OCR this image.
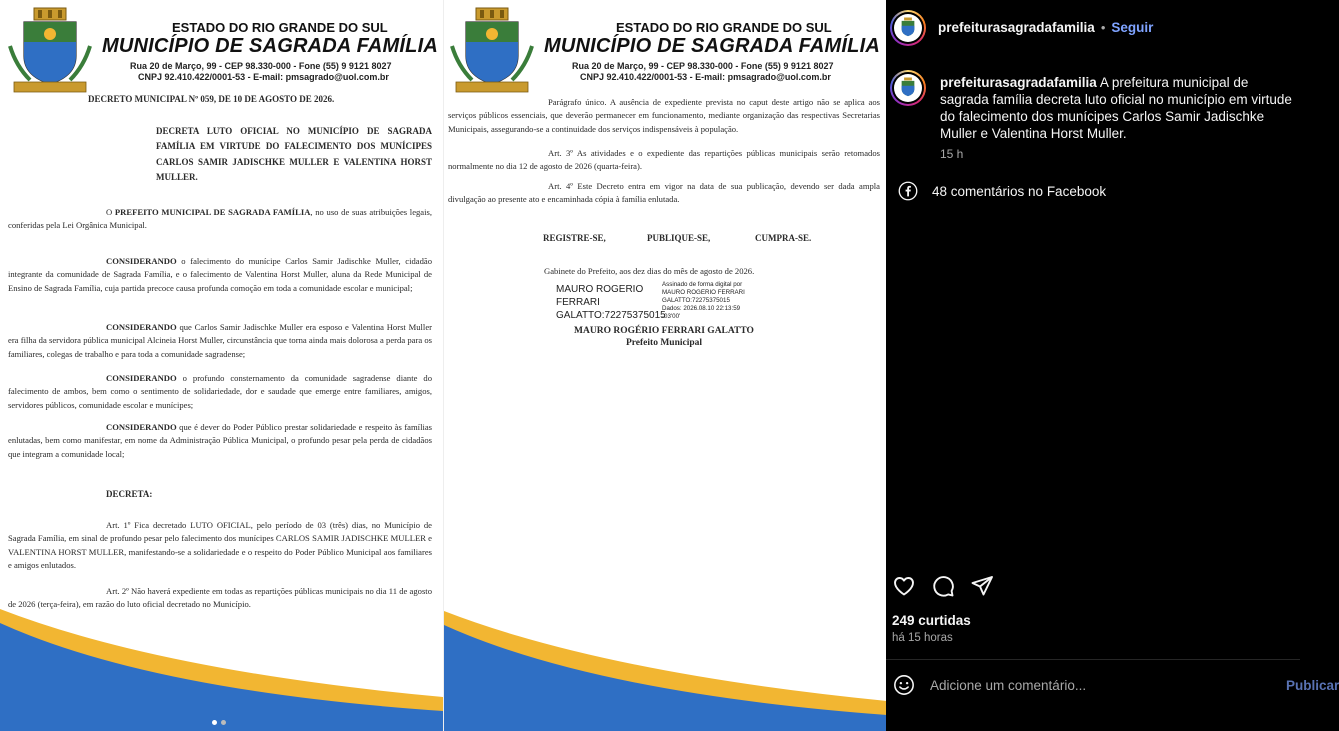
ESTADO DO RIO GRANDE DO SUL
MUNICÍPIO DE SAGRADA FAMÍLIA
Rua 20 de Março, 99 - CEP 98.330-000 - Fone (55) 9 9121 8027
CNPJ 92.410.422/0001-53 - E-mail: pmsagrado@uol.com.br
DECRETO MUNICIPAL Nº 059, DE 10 DE AGOSTO DE 2026.
DECRETA LUTO OFICIAL NO MUNICÍPIO DE SAGRADA FAMÍLIA EM VIRTUDE DO FALECIMENTO DOS MUNÍCIPES CARLOS SAMIR JADISCHKE MULLER E VALENTINA HORST MULLER.
O PREFEITO MUNICIPAL DE SAGRADA FAMÍLIA, no uso de suas atribuições legais, conferidas pela Lei Orgânica Municipal.
CONSIDERANDO o falecimento do munícipe Carlos Samir Jadischke Muller, cidadão integrante da comunidade de Sagrada Família, e o falecimento de Valentina Horst Muller, aluna da Rede Municipal de Ensino de Sagrada Família, cuja partida precoce causa profunda comoção em toda a comunidade escolar e municipal;
CONSIDERANDO que Carlos Samir Jadischke Muller era esposo e Valentina Horst Muller era filha da servidora pública municipal Alcineia Horst Muller, circunstância que torna ainda mais dolorosa a perda para os familiares, colegas de trabalho e para toda a comunidade sagradense;
CONSIDERANDO o profundo consternamento da comunidade sagradense diante do falecimento de ambos, bem como o sentimento de solidariedade, dor e saudade que emerge entre familiares, amigos, servidores públicos, comunidade escolar e munícipes;
CONSIDERANDO que é dever do Poder Público prestar solidariedade e respeito às famílias enlutadas, bem como manifestar, em nome da Administração Pública Municipal, o profundo pesar pela perda de cidadãos que integram a comunidade local;
DECRETA:
Art. 1º Fica decretado LUTO OFICIAL, pelo período de 03 (três) dias, no Município de Sagrada Família, em sinal de profundo pesar pelo falecimento dos munícipes CARLOS SAMIR JADISCHKE MULLER e VALENTINA HORST MULLER, manifestando-se a solidariedade e o respeito do Poder Público Municipal aos familiares e amigos enlutados.
Art. 2º Não haverá expediente em todas as repartições públicas municipais no dia 11 de agosto de 2026 (terça-feira), em razão do luto oficial decretado no Município.
ESTADO DO RIO GRANDE DO SUL
MUNICÍPIO DE SAGRADA FAMÍLIA
Rua 20 de Março, 99 - CEP 98.330-000 - Fone (55) 9 9121 8027
CNPJ 92.410.422/0001-53 - E-mail: pmsagrado@uol.com.br
Parágrafo único. A ausência de expediente prevista no caput deste artigo não se aplica aos serviços públicos essenciais, que deverão permanecer em funcionamento, mediante organização das respectivas Secretarias Municipais, assegurando-se a continuidade dos serviços indispensáveis à população.
Art. 3º As atividades e o expediente das repartições públicas municipais serão retomados normalmente no dia 12 de agosto de 2026 (quarta-feira).
Art. 4º Este Decreto entra em vigor na data de sua publicação, devendo ser dada ampla divulgação ao presente ato e encaminhada cópia à família enlutada.
REGISTRE-SE,	PUBLIQUE-SE,	CUMPRA-SE.
Gabinete do Prefeito, aos dez dias do mês de agosto de 2026.
MAURO ROGERIO
FERRARI
GALATTO:72275375015
Assinado de forma digital por
MAURO ROGERIO FERRARI
GALATTO:72275375015
Dados: 2026.08.10 22:13:59
-03'00'
MAURO ROGÉRIO FERRARI GALATTO
Prefeito Municipal
prefeiturasagradafamilia • Seguir
prefeiturasagradafamilia A prefeitura municipal de sagrada família decreta luto oficial no município em virtude do falecimento dos munícipes Carlos Samir Jadischke Muller e Valentina Horst Muller.
15 h
48 comentários no Facebook
249 curtidas
há 15 horas
Adicione um comentário...
Publicar
